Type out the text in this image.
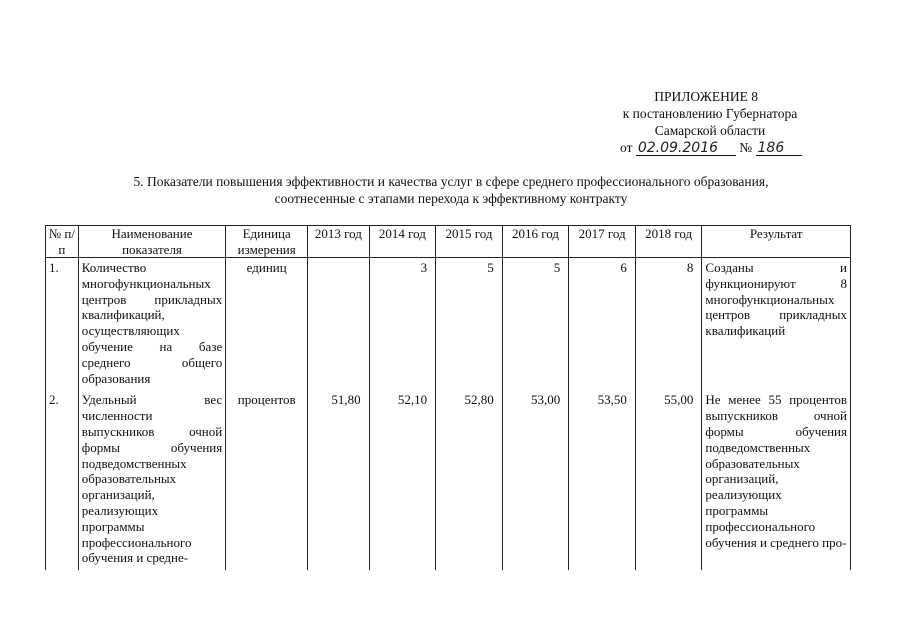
ПРИЛОЖЕНИЕ 8
к постановлению Губернатора
Самарской области
от 02.09.2016 № 186
5. Показатели повышения эффективности и качества услуг в сфере среднего профессионального образования,
соотнесенные с этапами перехода к эффективному контракту
№ п/п	Наименование показателя	Единица измерения	2013 год	2014 год	2015 год	2016 год	2017 год	2018 год	Результат
1.	Количество многофункциональных центров прикладных квалификаций, осуществляющих обучение на базе среднего общего образования	единиц		3	5	5	6	8	Созданы и функционируют 8 многофункциональных центров прикладных квалификаций
2.	Удельный вес численности выпускников очной формы обучения подведомственных образовательных организаций, реализующих программы профессионального обучения и средне-	процентов	51,80	52,10	52,80	53,00	53,50	55,00	Не менее 55 процентов выпускников очной формы обучения подведомственных образовательных организаций, реализующих программы профессионального обучения и среднего про-
